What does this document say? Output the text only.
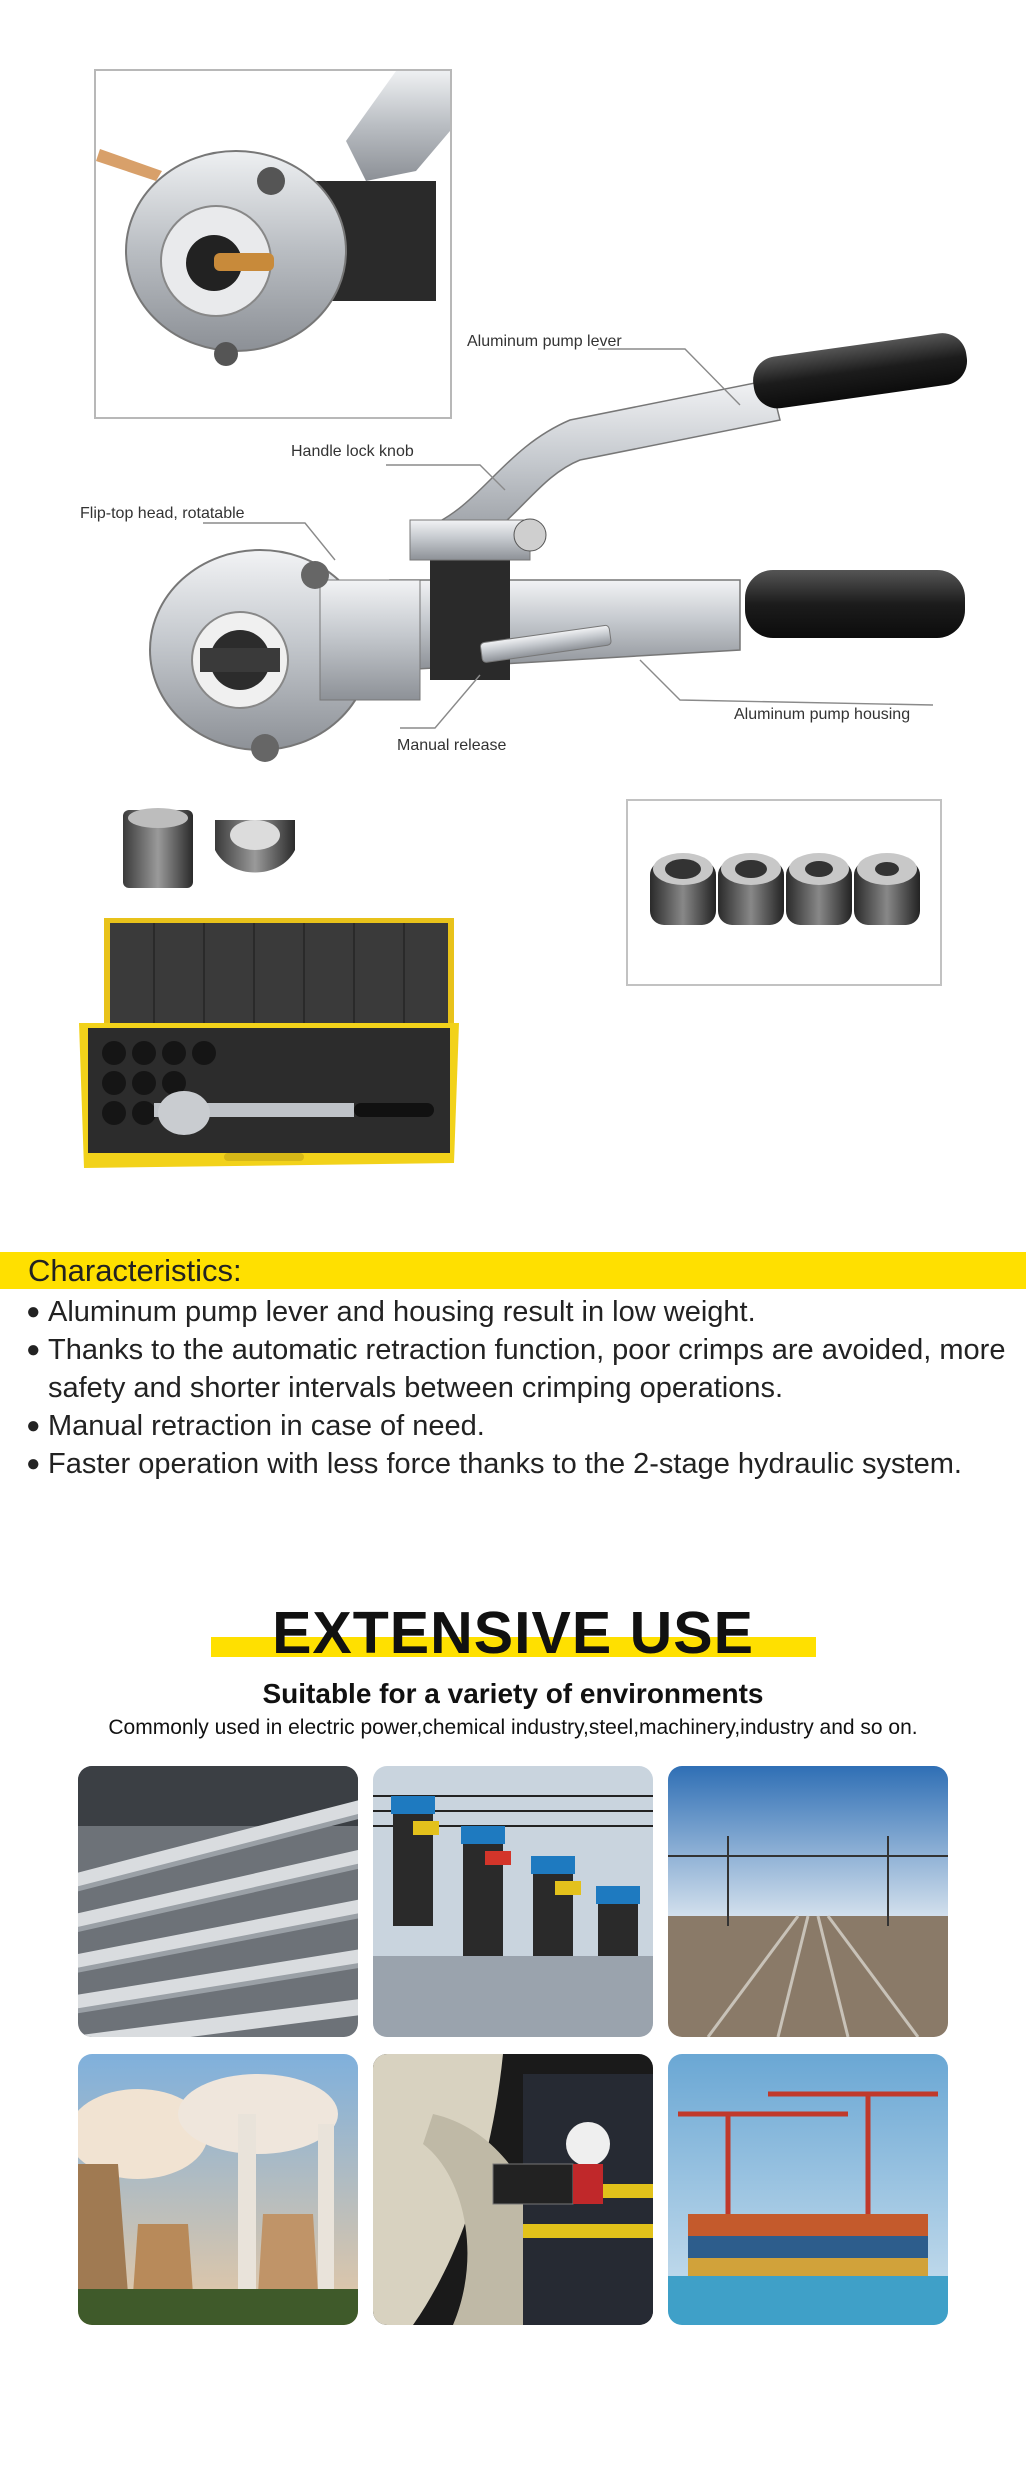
Aluminum pump lever
Handle lock knob
Flip-top head, rotatable
Aluminum pump housing
Manual release
Characteristics:
● Aluminum pump lever and housing result in low weight.
● Thanks to the automatic retraction function, poor crimps are avoided, more safety and shorter intervals between crimping operations.
● Manual retraction in case of need.
● Faster operation with less force thanks to the 2-stage hydraulic system.
EXTENSIVE USE
Suitable for a variety of environments
Commonly used in electric power,chemical industry,steel,machinery,industry and so on.
